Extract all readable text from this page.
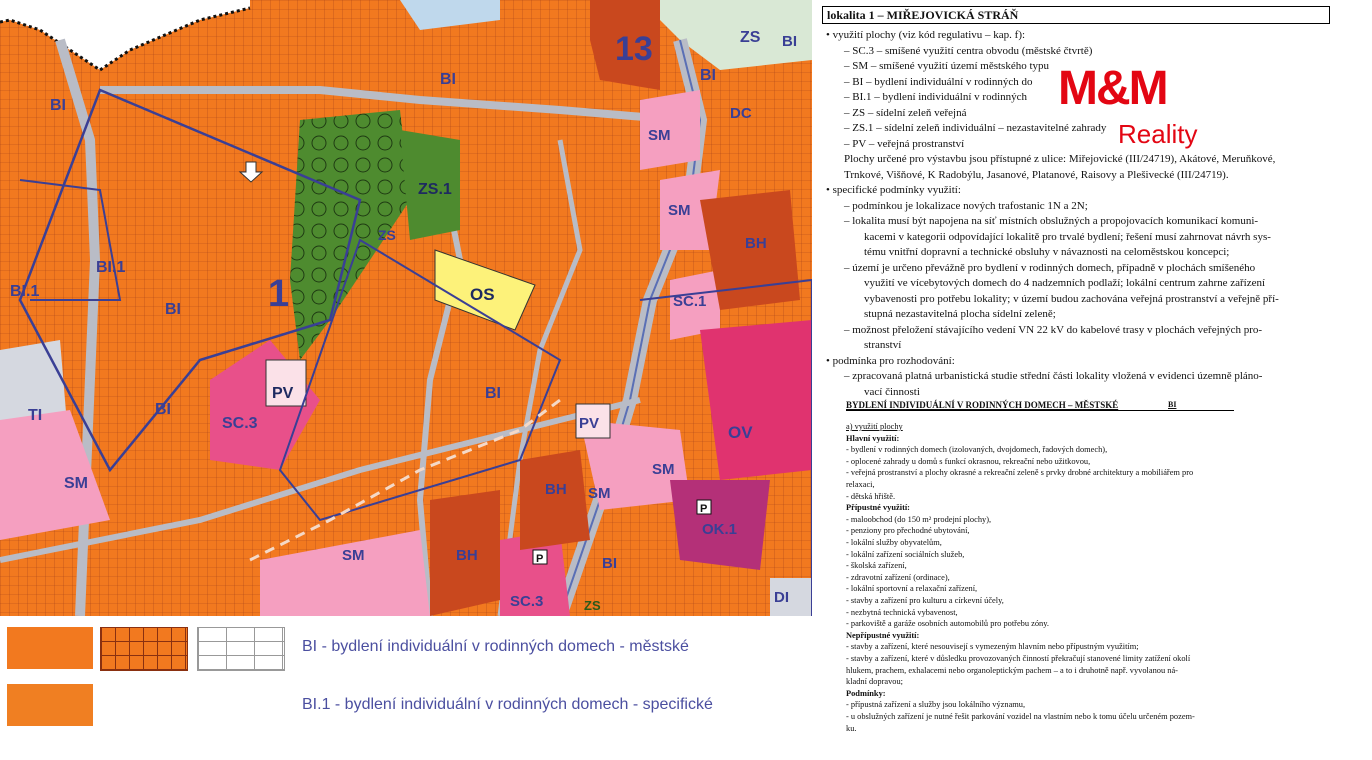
13	ZS BI
BI
DC
SM
BI
BI
ZS.1
ZS
SM
BH
BI.1
BI.1
BI 1	OS	SC.1
TI	BI
PV
SC.3
BI
PV	OV
SM
SM
BH SM
P
OK.1
SM	BH	P	BI
SC.3	ZS	DI
BI - bydlení individuální v rodinných domech - městské
BI.1 - bydlení individuální v rodinných domech - specifické
lokalita 1 – MIŘEJOVICKÁ STRÁŇ
• využití plochy (viz kód regulativu – kap. f):
– SC.3 – smíšené využití centra obvodu (městské čtvrtě)
– SM – smíšené využití území městského typu
– BI – bydlení individuální v rodinných do
– BI.1 – bydlení individuální v rodinných
– ZS – sídelní zeleň veřejná
– ZS.1 – sídelní zeleň individuální – nezastavitelné zahrady
– PV – veřejná prostranství
Plochy určené pro výstavbu jsou přístupné z ulice: Miřejovické (III/24719), Akátové, Meruňkové,
Trnkové, Višňové, K Radobýlu, Jasanové, Platanové, Raisovy a Plešivecké (III/24719).
• specifické podmínky využití:
– podmínkou je lokalizace nových trafostanic 1N a 2N;
– lokalita musí být napojena na síť místních obslužných a propojovacích komunikací komuni-
kacemi v kategorii odpovídající lokalitě pro trvalé bydlení; řešení musí zahrnovat návrh sys-
tému vnitřní dopravní a technické obsluhy v návaznosti na celoměstskou koncepci;
– území je určeno převážně pro bydlení v rodinných domech, případně v plochách smíšeného
využití ve vícebytových domech do 4 nadzemních podlaží; lokální centrum zahrne zařízení
vybavenosti pro potřebu lokality; v území budou zachována veřejná prostranství a veřejně pří-
stupná nezastavitelná plocha sídelní zeleně;
– možnost přeložení stávajícího vedení VN 22 kV do kabelové trasy v plochách veřejných pro-
stranství
• podmínka pro rozhodování:
– zpracovaná platná urbanistická studie střední části lokality vložená v evidenci územně pláno-
vací činnosti
BYDLENÍ INDIVIDUÁLNÍ V RODINNÝCH DOMECH – MĚSTSKÉ	BI
a) využití plochy
Hlavní využití:
- bydlení v rodinných domech (izolovaných, dvojdomech, řadových domech),
- oplocené zahrady u domů s funkcí okrasnou, rekreační nebo užitkovou,
- veřejná prostranství a plochy okrasné a rekreační zeleně s prvky drobné architektury a mobiliářem pro
relaxaci,
- dětská hřiště.
Přípustné využití:
- maloobchod (do 150 m² prodejní plochy),
- penziony pro přechodné ubytování,
- lokální služby obyvatelům,
- lokální zařízení sociálních služeb,
- školská zařízení,
- zdravotní zařízení (ordinace),
- lokální sportovní a relaxační zařízení,
- stavby a zařízení pro kulturu a církevní účely,
- nezbytná technická vybavenost,
- parkoviště a garáže osobních automobilů pro potřebu zóny.
Nepřípustné využití:
- stavby a zařízení, které nesouvisejí s vymezeným hlavním nebo přípustným využitím;
- stavby a zařízení, které v důsledku provozovaných činností překračují stanovené limity zatížení okolí
hlukem, prachem, exhalacemi nebo organoleptickým pachem – a to i druhotně např. vyvolanou ná-
kladní dopravou;
Podmínky:
- přípustná zařízení a služby jsou lokálního významu,
- u obslužných zařízení je nutné řešit parkování vozidel na vlastním nebo k tomu účelu určeném pozem-
ku.
M&M
Reality
